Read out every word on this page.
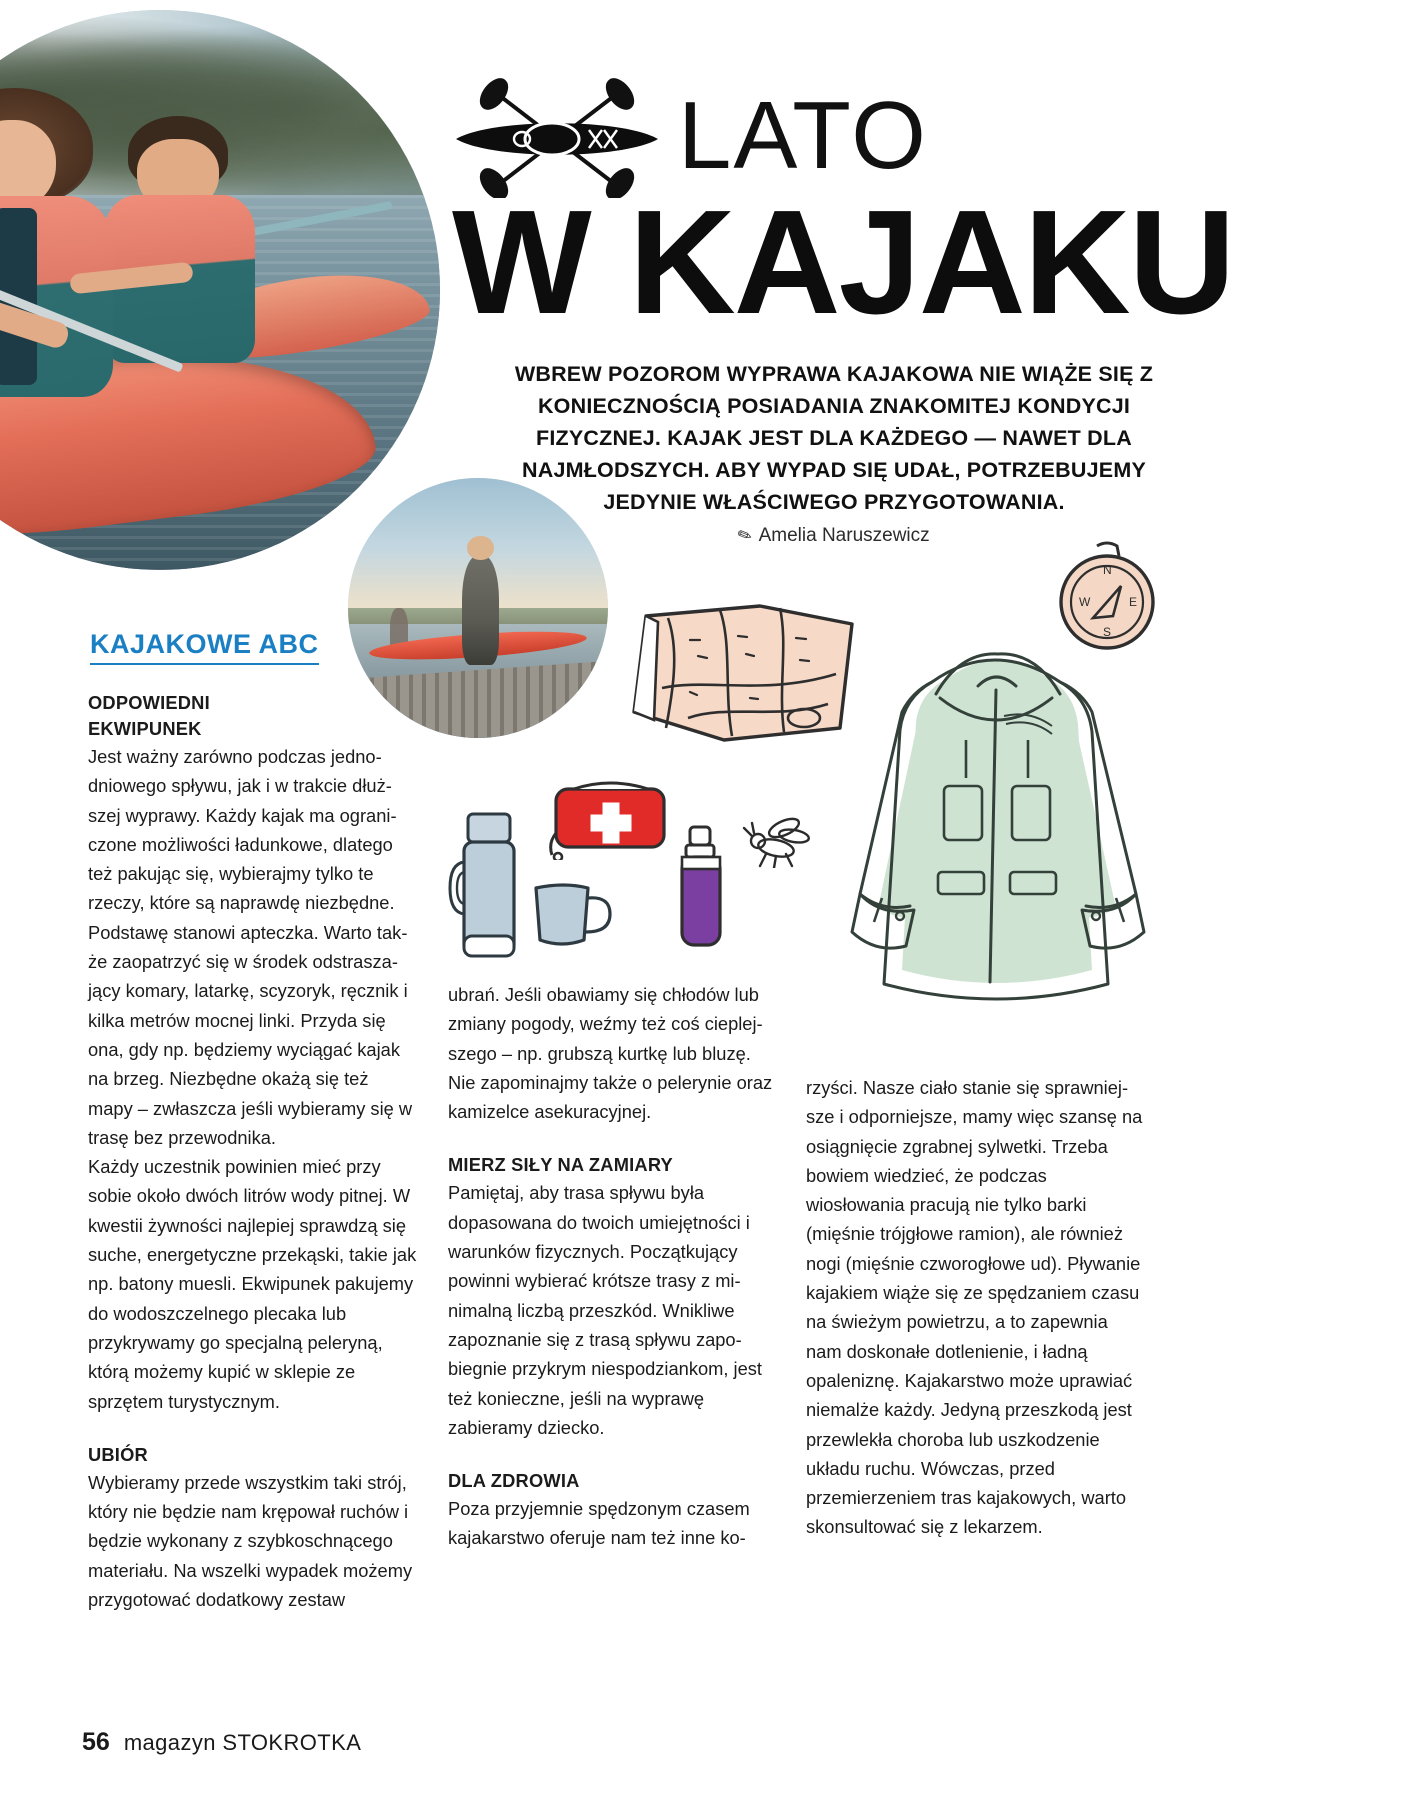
LATO
W KAJAKU
WBREW POZOROM WYPRAWA KAJAKOWA NIE WIĄŻE SIĘ Z KONIECZNOŚCIĄ POSIADANIA ZNAKOMITEJ KONDYCJI FIZYCZNEJ. KAJAK JEST DLA KAŻDEGO — NAWET DLA NAJMŁODSZYCH. ABY WYPAD SIĘ UDAŁ, POTRZEBUJEMY JEDYNIE WŁAŚCIWEGO PRZYGOTOWANIA.
✎ Amelia Naruszewicz
KAJAKOWE ABC
N
E
S
W
ODPOWIEDNI
EKWIPUNEK

Jest ważny zarówno podczas jednodniowego spływu, jak i w trakcie dłuższej wyprawy. Każdy kajak ma ograniczone możliwości ładunkowe, dlatego też pakując się, wybierajmy tylko te rzeczy, które są naprawdę niezbędne. Podstawę stanowi apteczka. Warto także zaopatrzyć się w środek odstraszający komary, latarkę, scyzoryk, ręcznik i kilka metrów mocnej linki. Przyda się ona, gdy np. będziemy wyciągać kajak na brzeg. Niezbędne okażą się też mapy – zwłaszcza jeśli wybieramy się w trasę bez przewodnika.

Każdy uczestnik powinien mieć przy sobie około dwóch litrów wody pitnej. W kwestii żywności najlepiej sprawdzą się suche, energetyczne przekąski, takie jak np. batony muesli. Ekwipunek pakujemy do wodoszczelnego plecaka lub przykrywamy go specjalną peleryną, którą możemy kupić w sklepie ze sprzętem turystycznym.

UBIÓR

Wybieramy przede wszystkim taki strój, który nie będzie nam krępował ruchów i będzie wykonany z szybkoschnącego materiału. Na wszelki wypadek możemy przygotować dodatkowy zestaw

ubrań. Jeśli obawiamy się chłodów lub zmiany pogody, weźmy też coś cieplejszego – np. grubszą kurtkę lub bluzę. Nie zapominajmy także o pelerynie oraz kamizelce asekuracyjnej.

MIERZ SIŁY NA ZAMIARY

Pamiętaj, aby trasa spływu była dopasowana do twoich umiejętności i warunków fizycznych. Początkujący powinni wybierać krótsze trasy z minimalną liczbą przeszkód. Wnikliwe zapoznanie się z trasą spływu zapobiegnie przykrym niespodziankom, jest też konieczne, jeśli na wyprawę zabieramy dziecko.

DLA ZDROWIA

Poza przyjemnie spędzonym czasem kajakarstwo oferuje nam też inne ko-

rzyści. Nasze ciało stanie się sprawniejsze i odporniejsze, mamy więc szansę na osiągnięcie zgrabnej sylwetki. Trzeba bowiem wiedzieć, że podczas wiosłowania pracują nie tylko barki (mięśnie trójgłowe ramion), ale również nogi (mięśnie czworogłowe ud). Pływanie kajakiem wiąże się ze spędzaniem czasu na świeżym powietrzu, a to zapewnia nam doskonałe dotlenienie, i ładną opaleniznę. Kajakarstwo może uprawiać niemalże każdy. Jedyną przeszkodą jest przewlekła choroba lub uszkodzenie układu ruchu. Wówczas, przed przemierzeniem tras kajakowych, warto skonsultować się z lekarzem.

56 magazyn STOKROTKA
